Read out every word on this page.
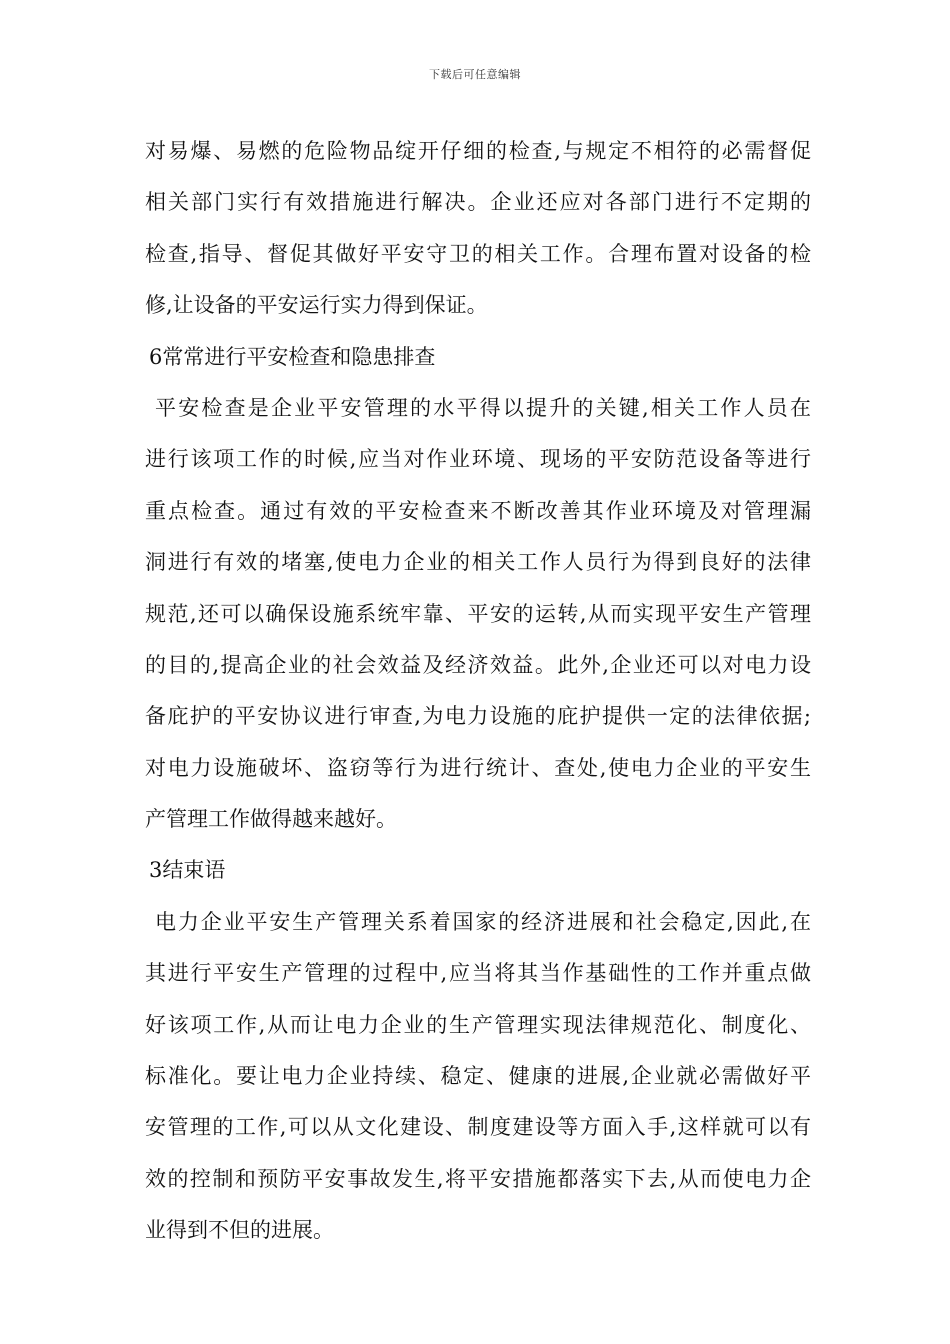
下载后可任意编辑
对易爆、易燃的危险物品绽开仔细的检查,与规定不相符的必需督促
相关部门实行有效措施进行解决。企业还应对各部门进行不定期的
检查,指导、督促其做好平安守卫的相关工作。合理布置对设备的检
修,让设备的平安运行实力得到保证。
6常常进行平安检查和隐患排查
平安检查是企业平安管理的水平得以提升的关键,相关工作人员在
进行该项工作的时候,应当对作业环境、现场的平安防范设备等进行
重点检查。通过有效的平安检查来不断改善其作业环境及对管理漏
洞进行有效的堵塞,使电力企业的相关工作人员行为得到良好的法律
规范,还可以确保设施系统牢靠、平安的运转,从而实现平安生产管理
的目的,提高企业的社会效益及经济效益。此外,企业还可以对电力设
备庇护的平安协议进行审查,为电力设施的庇护提供一定的法律依据;
对电力设施破坏、盗窃等行为进行统计、查处,使电力企业的平安生
产管理工作做得越来越好。
3结束语
电力企业平安生产管理关系着国家的经济进展和社会稳定,因此,在
其进行平安生产管理的过程中,应当将其当作基础性的工作并重点做
好该项工作,从而让电力企业的生产管理实现法律规范化、制度化、
标准化。要让电力企业持续、稳定、健康的进展,企业就必需做好平
安管理的工作,可以从文化建设、制度建设等方面入手,这样就可以有
效的控制和预防平安事故发生,将平安措施都落实下去,从而使电力企
业得到不但的进展。
